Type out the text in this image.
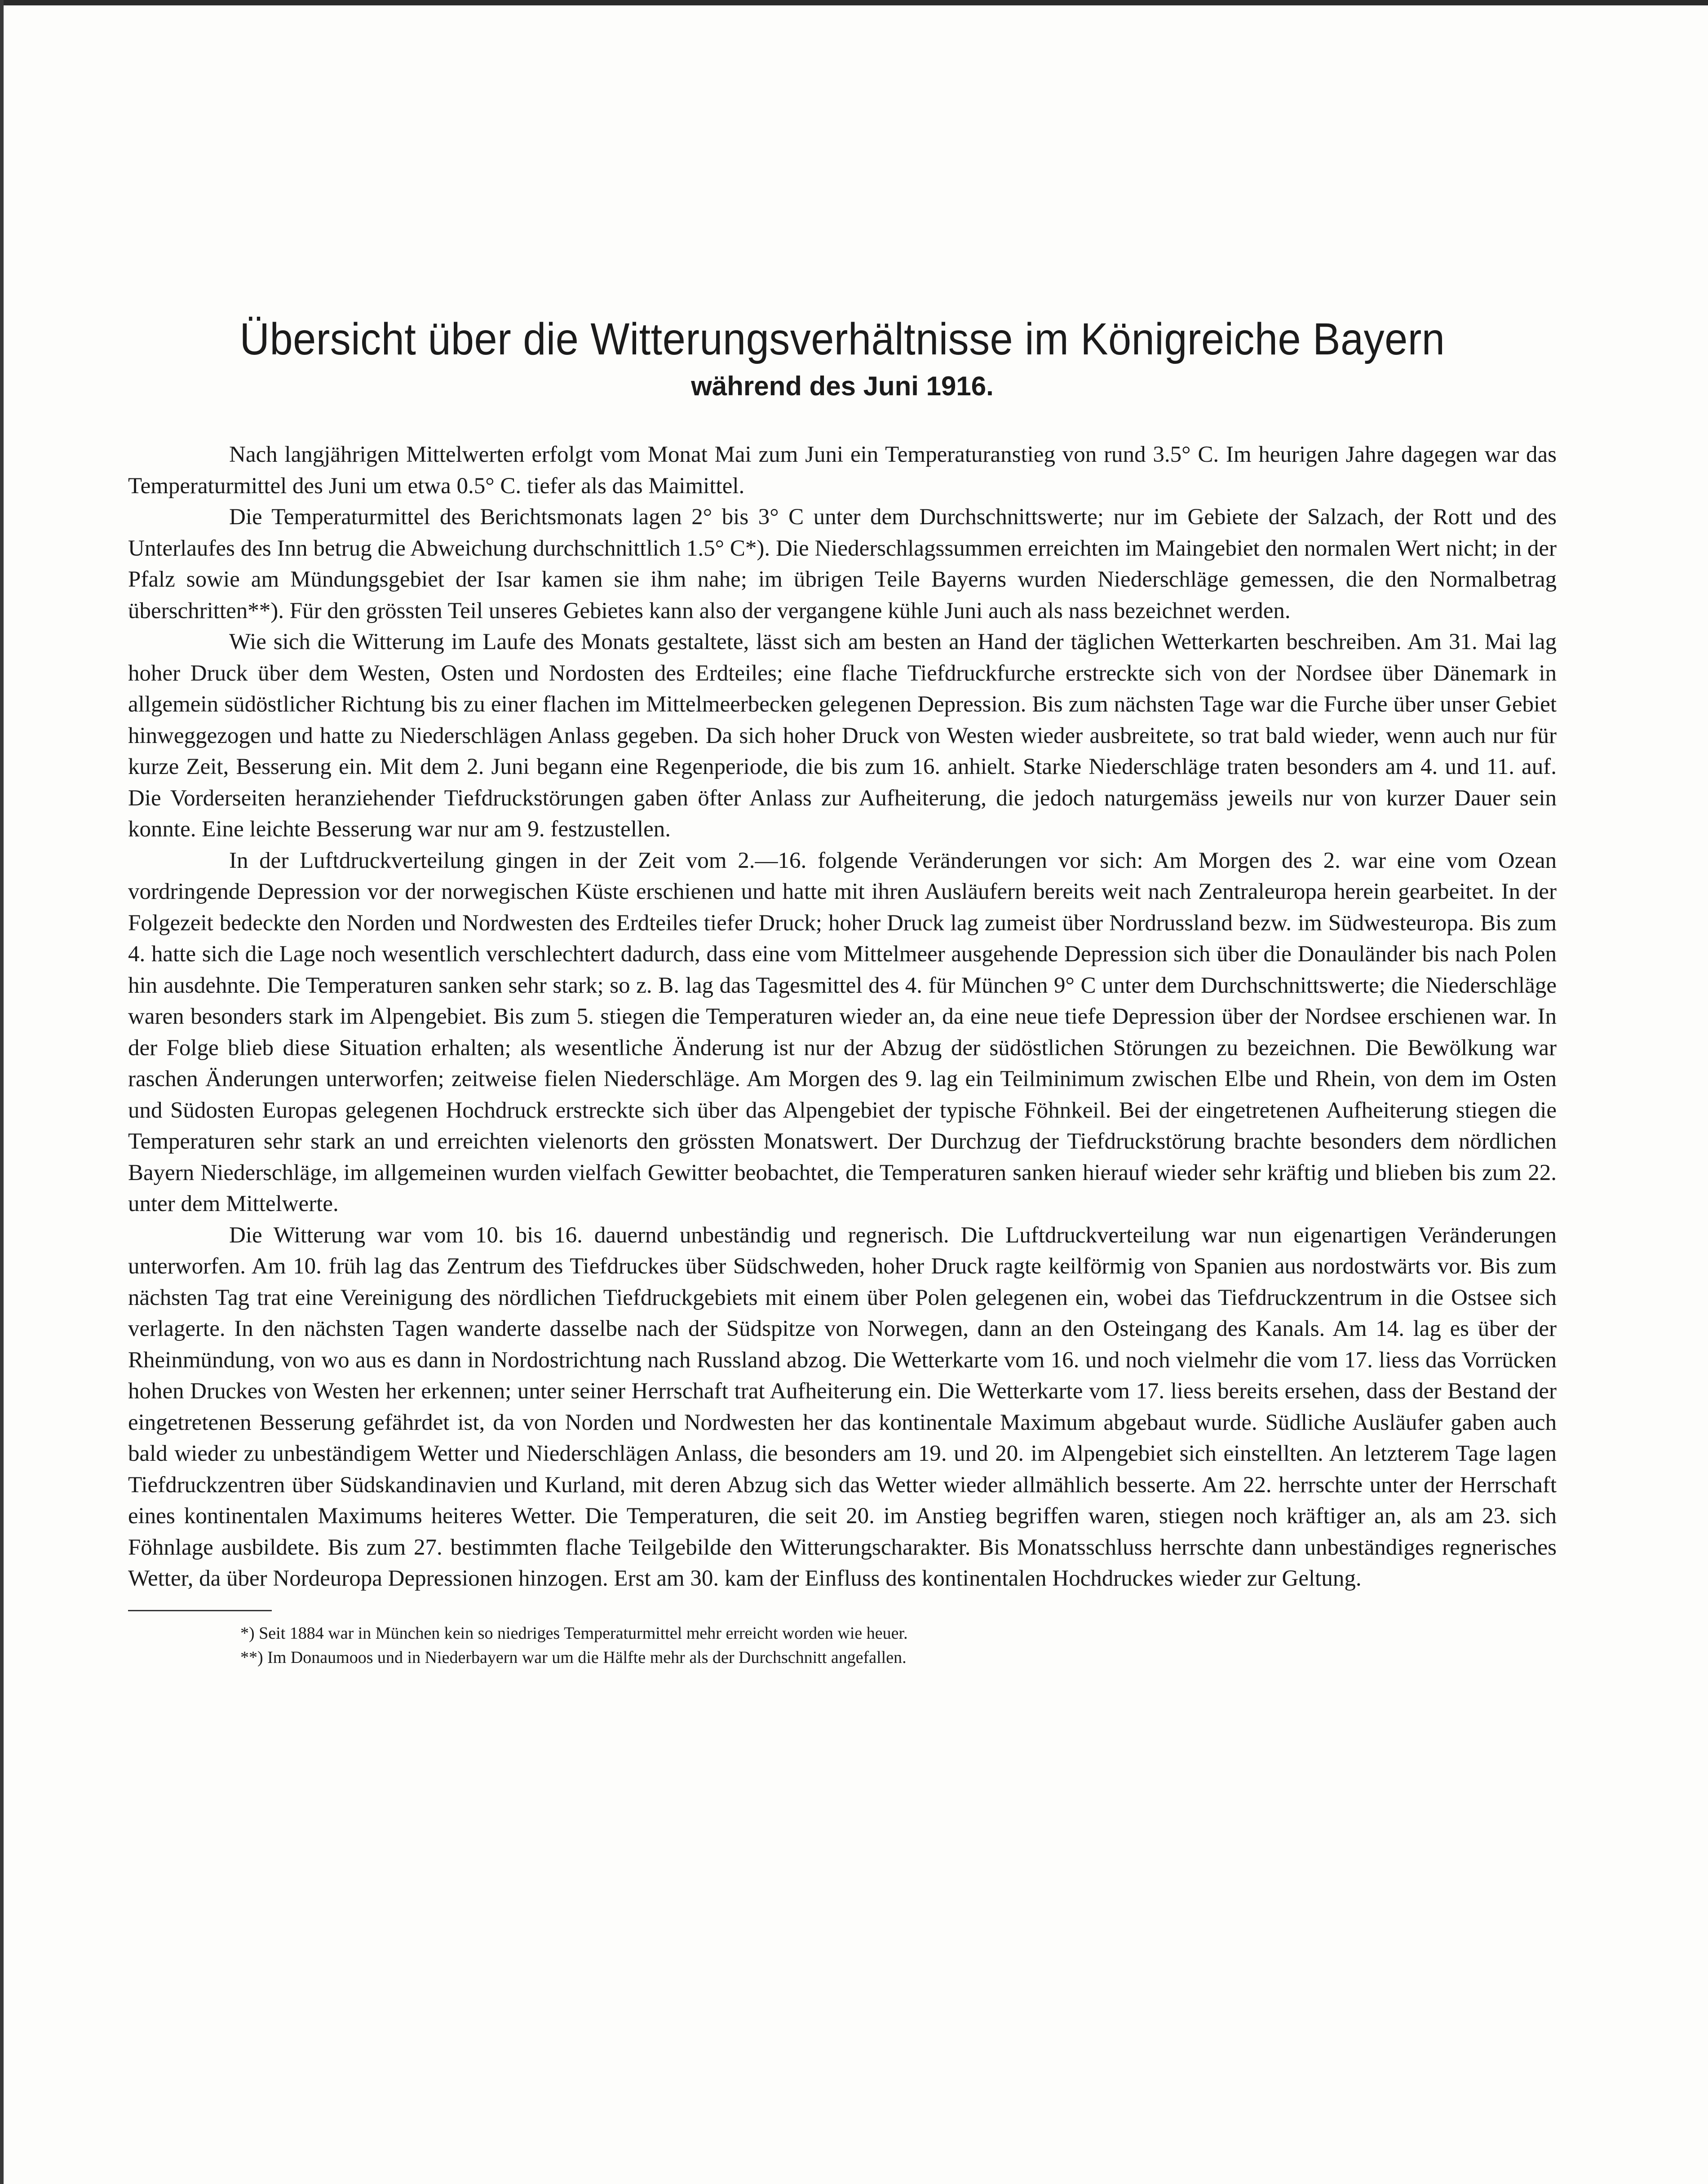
Übersicht über die Witterungsverhältnisse im Königreiche Bayern
während des Juni 1916.

Nach langjährigen Mittelwerten erfolgt vom Monat Mai zum Juni ein Temperaturanstieg von rund 3.5° C. Im heurigen Jahre dagegen war das Temperaturmittel des Juni um etwa 0.5° C. tiefer als das Maimittel.

Die Temperaturmittel des Berichtsmonats lagen 2° bis 3° C unter dem Durchschnittswerte; nur im Gebiete der Salzach, der Rott und des Unterlaufes des Inn betrug die Abweichung durchschnittlich 1.5° C*). Die Niederschlagssummen erreichten im Maingebiet den normalen Wert nicht; in der Pfalz sowie am Mündungsgebiet der Isar kamen sie ihm nahe; im übrigen Teile Bayerns wurden Niederschläge gemessen, die den Normalbetrag überschritten**). Für den grössten Teil unseres Gebietes kann also der vergangene kühle Juni auch als nass bezeichnet werden.

Wie sich die Witterung im Laufe des Monats gestaltete, lässt sich am besten an Hand der täglichen Wetterkarten beschreiben. Am 31. Mai lag hoher Druck über dem Westen, Osten und Nordosten des Erdteiles; eine flache Tiefdruckfurche erstreckte sich von der Nordsee über Dänemark in allgemein südöstlicher Richtung bis zu einer flachen im Mittelmeerbecken gelegenen Depression. Bis zum nächsten Tage war die Furche über unser Gebiet hinweggezogen und hatte zu Niederschlägen Anlass gegeben. Da sich hoher Druck von Westen wieder ausbreitete, so trat bald wieder, wenn auch nur für kurze Zeit, Besserung ein. Mit dem 2. Juni begann eine Regenperiode, die bis zum 16. anhielt. Starke Niederschläge traten besonders am 4. und 11. auf. Die Vorderseiten heranziehender Tiefdruckstörungen gaben öfter Anlass zur Aufheiterung, die jedoch naturgemäss jeweils nur von kurzer Dauer sein konnte. Eine leichte Besserung war nur am 9. festzustellen.

In der Luftdruckverteilung gingen in der Zeit vom 2.—16. folgende Veränderungen vor sich: Am Morgen des 2. war eine vom Ozean vordringende Depression vor der norwegischen Küste erschienen und hatte mit ihren Ausläufern bereits weit nach Zentraleuropa herein gearbeitet. In der Folgezeit bedeckte den Norden und Nordwesten des Erdteiles tiefer Druck; hoher Druck lag zumeist über Nordrussland bezw. im Südwesteuropa. Bis zum 4. hatte sich die Lage noch wesentlich verschlechtert dadurch, dass eine vom Mittelmeer ausgehende Depression sich über die Donauländer bis nach Polen hin ausdehnte. Die Temperaturen sanken sehr stark; so z. B. lag das Tagesmittel des 4. für München 9° C unter dem Durchschnittswerte; die Niederschläge waren besonders stark im Alpengebiet. Bis zum 5. stiegen die Temperaturen wieder an, da eine neue tiefe Depression über der Nordsee erschienen war. In der Folge blieb diese Situation erhalten; als wesentliche Änderung ist nur der Abzug der südöstlichen Störungen zu bezeichnen. Die Bewölkung war raschen Änderungen unterworfen; zeitweise fielen Niederschläge. Am Morgen des 9. lag ein Teilminimum zwischen Elbe und Rhein, von dem im Osten und Südosten Europas gelegenen Hochdruck erstreckte sich über das Alpengebiet der typische Föhnkeil. Bei der eingetretenen Aufheiterung stiegen die Temperaturen sehr stark an und erreichten vielenorts den grössten Monatswert. Der Durchzug der Tiefdruckstörung brachte besonders dem nördlichen Bayern Niederschläge, im allgemeinen wurden vielfach Gewitter beobachtet, die Temperaturen sanken hierauf wieder sehr kräftig und blieben bis zum 22. unter dem Mittelwerte.

Die Witterung war vom 10. bis 16. dauernd unbeständig und regnerisch. Die Luftdruckverteilung war nun eigenartigen Veränderungen unterworfen. Am 10. früh lag das Zentrum des Tiefdruckes über Südschweden, hoher Druck ragte keilförmig von Spanien aus nordostwärts vor. Bis zum nächsten Tag trat eine Vereinigung des nördlichen Tiefdruckgebiets mit einem über Polen gelegenen ein, wobei das Tiefdruckzentrum in die Ostsee sich verlagerte. In den nächsten Tagen wanderte dasselbe nach der Südspitze von Norwegen, dann an den Osteingang des Kanals. Am 14. lag es über der Rheinmündung, von wo aus es dann in Nordostrichtung nach Russland abzog. Die Wetterkarte vom 16. und noch vielmehr die vom 17. liess das Vorrücken hohen Druckes von Westen her erkennen; unter seiner Herrschaft trat Aufheiterung ein. Die Wetterkarte vom 17. liess bereits ersehen, dass der Bestand der eingetretenen Besserung gefährdet ist, da von Norden und Nordwesten her das kontinentale Maximum abgebaut wurde. Südliche Ausläufer gaben auch bald wieder zu unbeständigem Wetter und Niederschlägen Anlass, die besonders am 19. und 20. im Alpengebiet sich einstellten. An letzterem Tage lagen Tiefdruckzentren über Südskandinavien und Kurland, mit deren Abzug sich das Wetter wieder allmählich besserte. Am 22. herrschte unter der Herrschaft eines kontinentalen Maximums heiteres Wetter. Die Temperaturen, die seit 20. im Anstieg begriffen waren, stiegen noch kräftiger an, als am 23. sich Föhnlage ausbildete. Bis zum 27. bestimmten flache Teilgebilde den Witterungscharakter. Bis Monatsschluss herrschte dann unbeständiges regnerisches Wetter, da über Nordeuropa Depressionen hinzogen. Erst am 30. kam der Einfluss des kontinentalen Hochdruckes wieder zur Geltung.

*) Seit 1884 war in München kein so niedriges Temperaturmittel mehr erreicht worden wie heuer.

**) Im Donaumoos und in Niederbayern war um die Hälfte mehr als der Durchschnitt angefallen.
